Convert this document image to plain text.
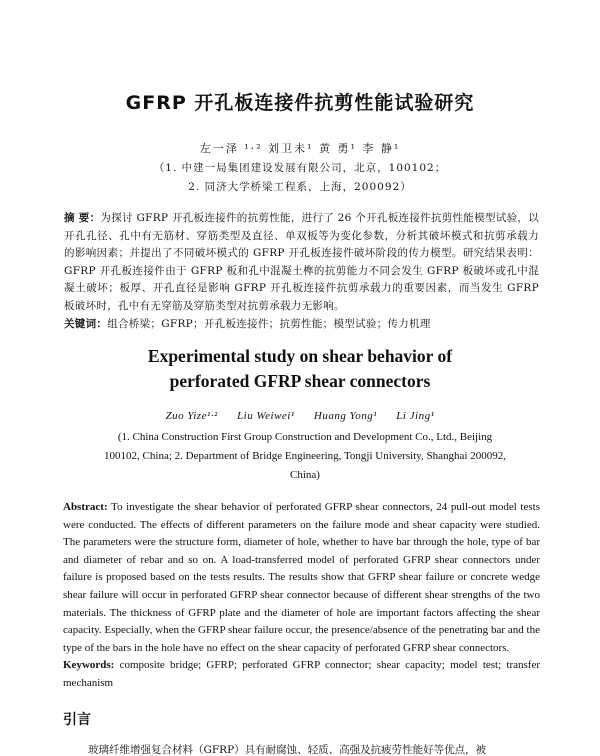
GFRP 开孔板连接件抗剪性能试验研究
左一泽 ¹·² 刘卫未¹ 黄 勇¹ 李 静¹
（1. 中建一局集团建设发展有限公司，北京，100102；
2. 同济大学桥梁工程系，上海，200092）
摘 要：为探讨 GFRP 开孔板连接件的抗剪性能，进行了 26 个开孔板连接件抗剪性能模型试验，以开孔孔径、孔中有无筋材、穿筋类型及直径、单双板等为变化参数，分析其破坏模式和抗剪承载力的影响因素；并提出了不同破坏模式的 GFRP 开孔板连接件破坏阶段的传力模型。研究结果表明：GFRP 开孔板连接件由于 GFRP 板和孔中混凝土榫的抗剪能力不同会发生 GFRP 板破坏或孔中混凝土破坏；板厚、开孔直径是影响 GFRP 开孔板连接件抗剪承载力的重要因素，而当发生 GFRP 板破坏时，孔中有无穿筋及穿筋类型对抗剪承载力无影响。
关键词：组合桥梁；GFRP；开孔板连接件；抗剪性能；模型试验；传力机理
Experimental study on shear behavior of
perforated GFRP shear connectors
Zuo Yize¹·² Liu Weiwei¹ Huang Yong¹ Li Jing¹
(1. China Construction First Group Construction and Development Co., Ltd., Beijing 100102, China; 2. Department of Bridge Engineering, Tongji University, Shanghai 200092, China)
Abstract: To investigate the shear behavior of perforated GFRP shear connectors, 24 pull-out model tests were conducted. The effects of different parameters on the failure mode and shear capacity were studied. The parameters were the structure form, diameter of hole, whether to have bar through the hole, type of bar and diameter of rebar and so on. A load-transferred model of perforated GFRP shear connectors under failure is proposed based on the tests results. The results show that GFRP shear failure or concrete wedge shear failure will occur in perforated GFRP shear connector because of different shear strengths of the two materials. The thickness of GFRP plate and the diameter of hole are important factors affecting the shear capacity. Especially, when the GFRP shear failure occur, the presence/absence of the penetrating bar and the type of the bars in the hole have no effect on the shear capacity of perforated GFRP shear connectors.
Keywords: composite bridge; GFRP; perforated GFRP connector; shear capacity; model test; transfer mechanism
引言
玻璃纤维增强复合材料（GFRP）具有耐腐蚀、轻质、高强及抗疲劳性能好等优点，被
